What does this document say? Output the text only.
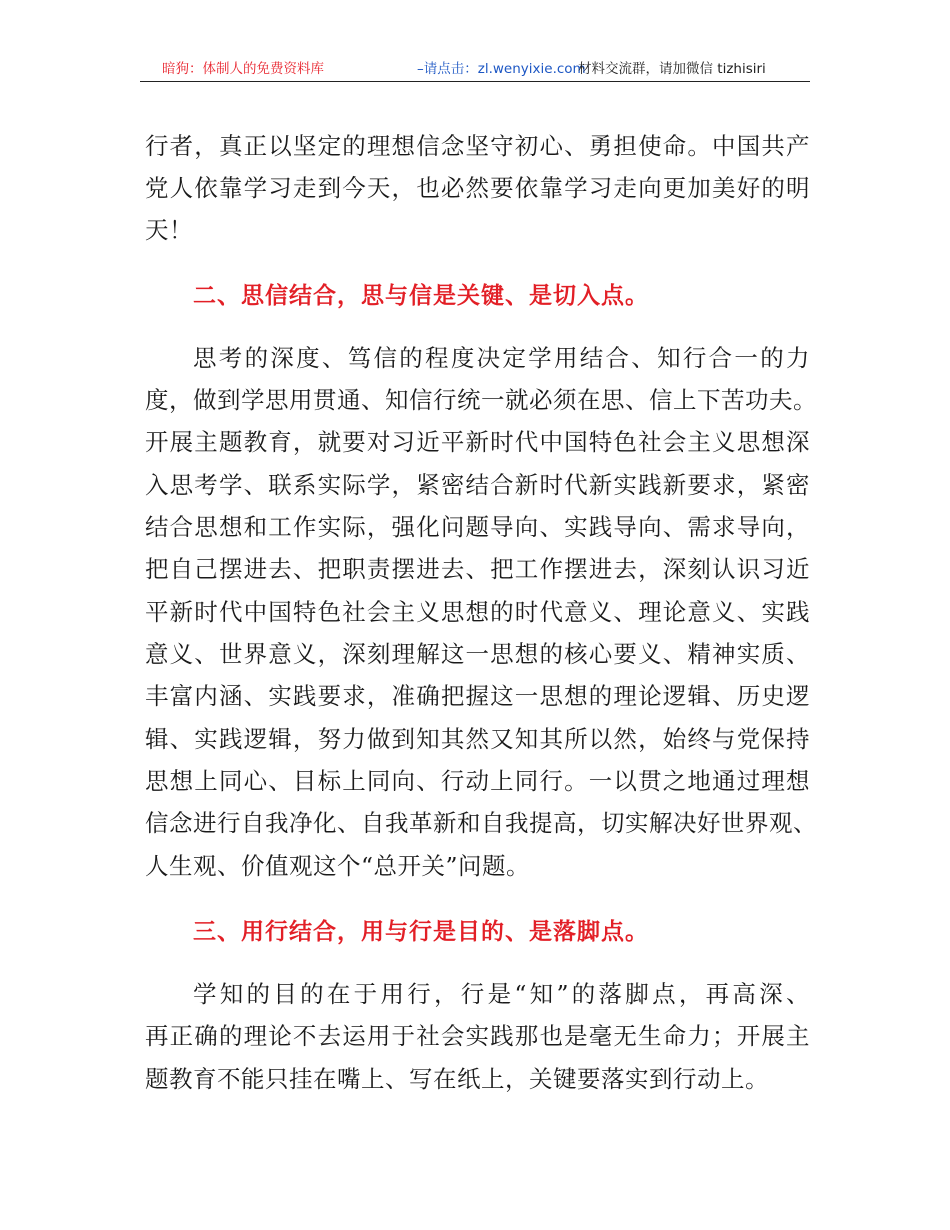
暗狗：体制人的免费资料库	–请点击：zl.wenyixie.com
材料交流群，请加微信 tizhisiri
行者，真正以坚定的理想信念坚守初心、勇担使命。中国共产
党人依靠学习走到今天，也必然要依靠学习走向更加美好的明
天！
二、思信结合，思与信是关键、是切入点。
思考的深度、笃信的程度决定学用结合、知行合一的力
度，做到学思用贯通、知信行统一就必须在思、信上下苦功夫。
开展主题教育，就要对习近平新时代中国特色社会主义思想深
入思考学、联系实际学，紧密结合新时代新实践新要求，紧密
结合思想和工作实际，强化问题导向、实践导向、需求导向，
把自己摆进去、把职责摆进去、把工作摆进去，深刻认识习近
平新时代中国特色社会主义思想的时代意义、理论意义、实践
意义、世界意义，深刻理解这一思想的核心要义、精神实质、
丰富内涵、实践要求，准确把握这一思想的理论逻辑、历史逻
辑、实践逻辑，努力做到知其然又知其所以然，始终与党保持
思想上同心、目标上同向、行动上同行。一以贯之地通过理想
信念进行自我净化、自我革新和自我提高，切实解决好世界观、
人生观、价值观这个“总开关”问题。
三、用行结合，用与行是目的、是落脚点。
学知的目的在于用行，行是“知”的落脚点，再高深、
再正确的理论不去运用于社会实践那也是毫无生命力；开展主
题教育不能只挂在嘴上、写在纸上，关键要落实到行动上。
